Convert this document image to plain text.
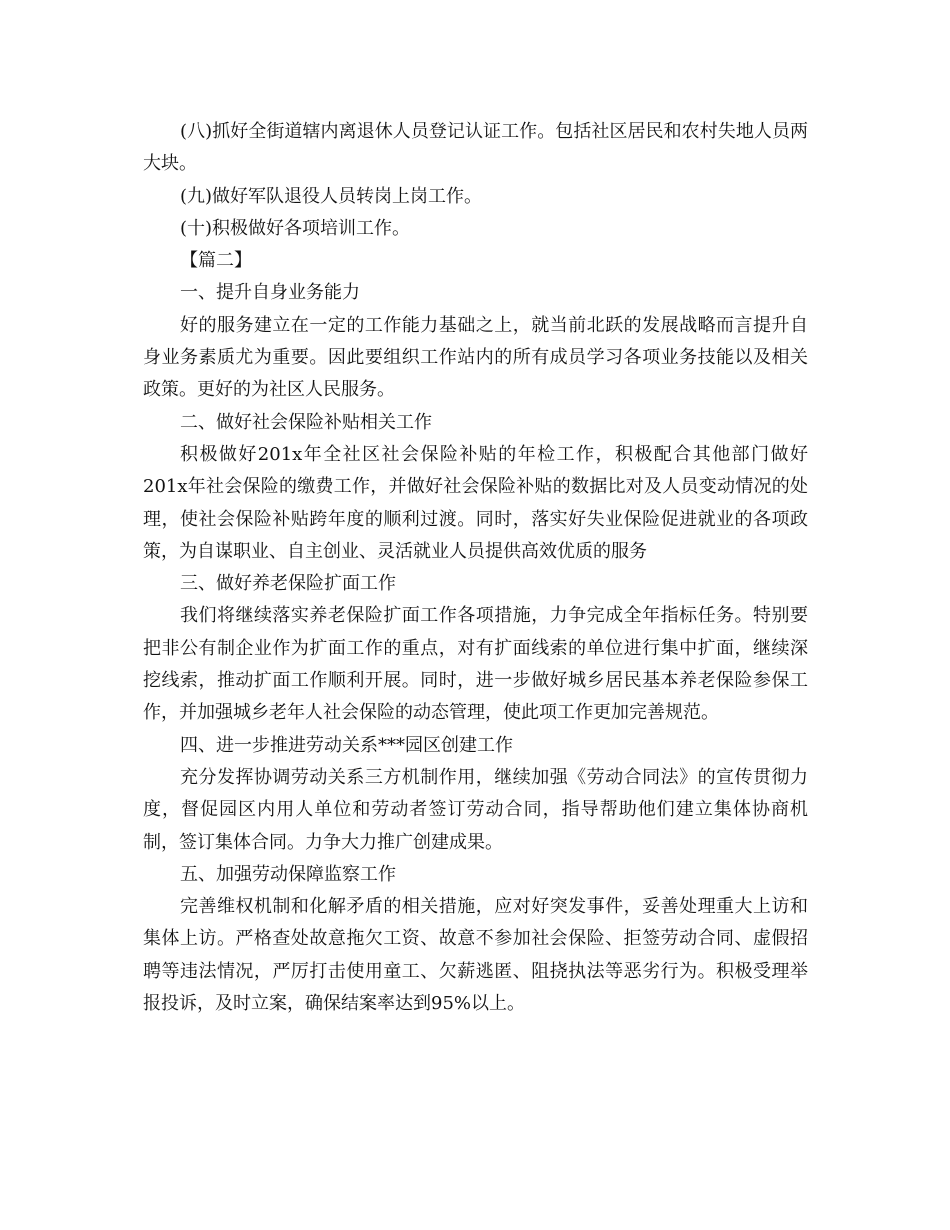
(八)抓好全街道辖内离退休人员登记认证工作。包括社区居民和农村失地人员两大块。

(九)做好军队退役人员转岗上岗工作。

(十)积极做好各项培训工作。

【篇二】

一、提升自身业务能力

好的服务建立在一定的工作能力基础之上，就当前北跃的发展战略而言提升自身业务素质尤为重要。因此要组织工作站内的所有成员学习各项业务技能以及相关政策。更好的为社区人民服务。

二、做好社会保险补贴相关工作

积极做好201x年全社区社会保险补贴的年检工作，积极配合其他部门做好201x年社会保险的缴费工作，并做好社会保险补贴的数据比对及人员变动情况的处理，使社会保险补贴跨年度的顺利过渡。同时，落实好失业保险促进就业的各项政策，为自谋职业、自主创业、灵活就业人员提供高效优质的服务

三、做好养老保险扩面工作

我们将继续落实养老保险扩面工作各项措施，力争完成全年指标任务。特别要把非公有制企业作为扩面工作的重点，对有扩面线索的单位进行集中扩面，继续深挖线索，推动扩面工作顺利开展。同时，进一步做好城乡居民基本养老保险参保工作，并加强城乡老年人社会保险的动态管理，使此项工作更加完善规范。

四、进一步推进劳动关系***园区创建工作

充分发挥协调劳动关系三方机制作用，继续加强《劳动合同法》的宣传贯彻力度，督促园区内用人单位和劳动者签订劳动合同，指导帮助他们建立集体协商机制，签订集体合同。力争大力推广创建成果。

五、加强劳动保障监察工作

完善维权机制和化解矛盾的相关措施，应对好突发事件，妥善处理重大上访和集体上访。严格查处故意拖欠工资、故意不参加社会保险、拒签劳动合同、虚假招聘等违法情况，严厉打击使用童工、欠薪逃匿、阻挠执法等恶劣行为。积极受理举报投诉，及时立案，确保结案率达到95%以上。
